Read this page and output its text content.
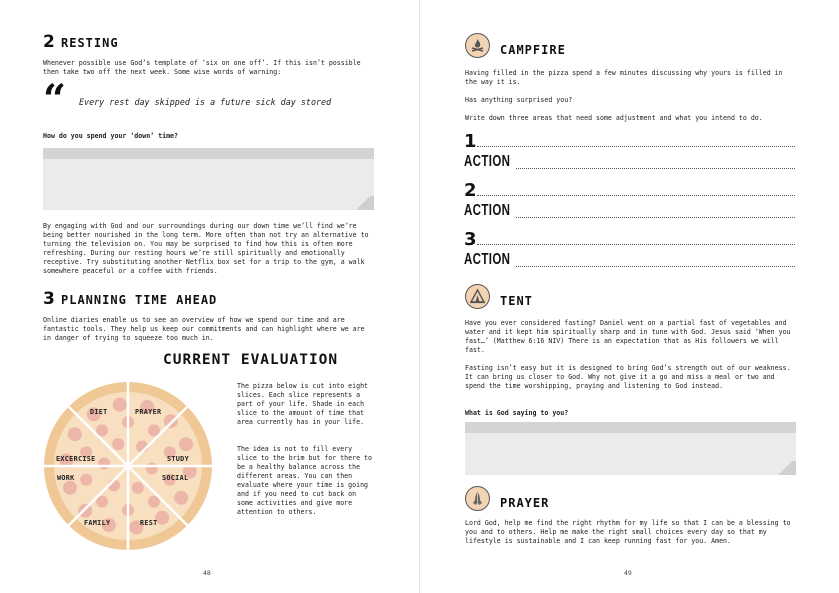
2 RESTING
Whenever possible use God’s template of ‘six on one off’. If this isn’t possible then take two off the next week. Some wise words of warning:
“ Every rest day skipped is a future sick day stored
How do you spend your ‘down’ time?
By engaging with God and our surroundings during our down time we’ll find we’re being better nourished in the long term. More often than not try an alternative to turning the television on. You may be surprised to find how this is often more refreshing. During our resting hours we’re still spiritually and emotionally receptive. Try substituting another Netflix box set for a trip to the gym, a walk somewhere peaceful or a coffee with friends.
3 PLANNING TIME AHEAD
Online diaries enable us to see an overview of how we spend our time and are fantastic tools. They help us keep our commitments and can highlight where we are in danger of trying to squeeze too much in.
CURRENT EVALUATION
The pizza below is cut into eight slices. Each slice represents a part of your life. Shade in each slice to the amount of time that area currently has in your life.
The idea is not to fill every slice to the brim but for there to be a healthy balance across the different areas. You can then evaluate where your time is going and if you need to cut back on some activities and give more attention to others.
DIET	PRAYER
STUDY
SOCIAL
REST
FAMILY
WORK
EXCERCISE
48
CAMPFIRE
Having filled in the pizza spend a few minutes discussing why yours is filled in the way it is.
Has anything surprised you?
Write down three areas that need some adjustment and what you intend to do.
1
ACTION
2
ACTION
3
ACTION
TENT
Have you ever considered fasting? Daniel went on a partial fast of vegetables and water and it kept him spiritually sharp and in tune with God. Jesus said ‘When you fast…’ (Matthew 6:16 NIV) There is an expectation that as His followers we will fast.
Fasting isn’t easy but it is designed to bring God’s strength out of our weakness. It can bring us closer to God. Why not give it a go and miss a meal or two and spend the time worshipping, praying and listening to God instead.
What is God saying to you?
PRAYER
Lord God, help me find the right rhythm for my life so that I can be a blessing to you and to others. Help me make the right small choices every day so that my lifestyle is sustainable and I can keep running fast for you. Amen.
49
